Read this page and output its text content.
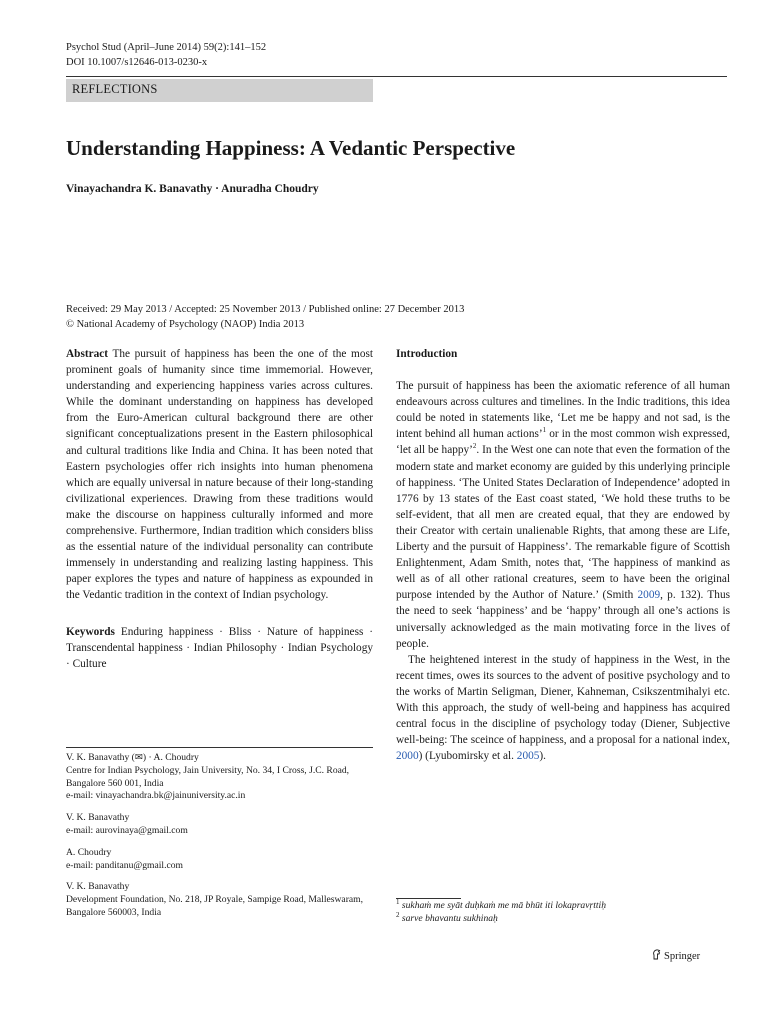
Psychol Stud (April–June 2014) 59(2):141–152
DOI 10.1007/s12646-013-0230-x
REFLECTIONS
Understanding Happiness: A Vedantic Perspective
Vinayachandra K. Banavathy · Anuradha Choudry
Received: 29 May 2013 / Accepted: 25 November 2013 / Published online: 27 December 2013
© National Academy of Psychology (NAOP) India 2013

Abstract The pursuit of happiness has been the one of the most prominent goals of humanity since time immemorial. However, understanding and experiencing happiness varies across cultures. While the dominant understanding on happiness has developed from the Euro-American cultural background there are other significant conceptualizations present in the Eastern philosophical and cultural traditions like India and China. It has been noted that Eastern psychologies offer rich insights into human phenomena which are equally universal in nature because of their long-standing civilizational experiences. Drawing from these traditions would make the discourse on happiness culturally informed and more comprehensive. Furthermore, Indian tradition which considers bliss as the essential nature of the individual personality can contribute immensely in understanding and realizing lasting happiness. This paper explores the types and nature of happiness as expounded in the Vedantic tradition in the context of Indian psychology.

Keywords Enduring happiness · Bliss · Nature of happiness · Transcendental happiness · Indian Philosophy · Indian Psychology · Culture

V. K. Banavathy (✉) · A. Choudry
Centre for Indian Psychology, Jain University, No. 34, I Cross, J.C. Road, Bangalore 560 001, India
e-mail: vinayachandra.bk@jainuniversity.ac.in
V. K. Banavathy
e-mail: aurovinaya@gmail.com
A. Choudry
e-mail: panditanu@gmail.com
V. K. Banavathy
Development Foundation, No. 218, JP Royale, Sampige Road, Malleswaram, Bangalore 560003, India

Introduction

The pursuit of happiness has been the axiomatic reference of all human endeavours across cultures and timelines. In the Indic traditions, this idea could be noted in statements like, ‘Let me be happy and not sad, is the intent behind all human actions’$^1$ or in the most common wish expressed, ‘let all be happy’$^2$. In the West one can note that even the formation of the modern state and market economy are guided by this underlying principle of happiness. ‘The United States Declaration of Independence’ adopted in 1776 by 13 states of the East coast stated, ‘We hold these truths to be self-evident, that all men are created equal, that they are endowed by their Creator with certain unalienable Rights, that among these are Life, Liberty and the pursuit of Happiness’. The remarkable figure of Scottish Enlightenment, Adam Smith, notes that, ‘The happiness of mankind as well as of all other rational creatures, seem to have been the original purpose intended by the Author of Nature.’ (Smith 2009, p. 132). Thus the need to seek ‘happiness’ and be ‘happy’ through all one’s actions is universally acknowledged as the main motivating force in the lives of people.

The heightened interest in the study of happiness in the West, in the recent times, owes its sources to the advent of positive psychology and to the works of Martin Seligman, Diener, Kahneman, Csikszentmihalyi etc. With this approach, the study of well-being and happiness has acquired central focus in the discipline of psychology today (Diener, Subjective well-being: The sceince of happiness, and a proposal for a national index, 2000) (Lyubomirsky et al. 2005).

$^1$ sukhaṁ me syāt duḥkaṁ me mā bhūt iti lokapravṛttiḥ
$^2$ sarve bhavantu sukhinaḥ
Springer
